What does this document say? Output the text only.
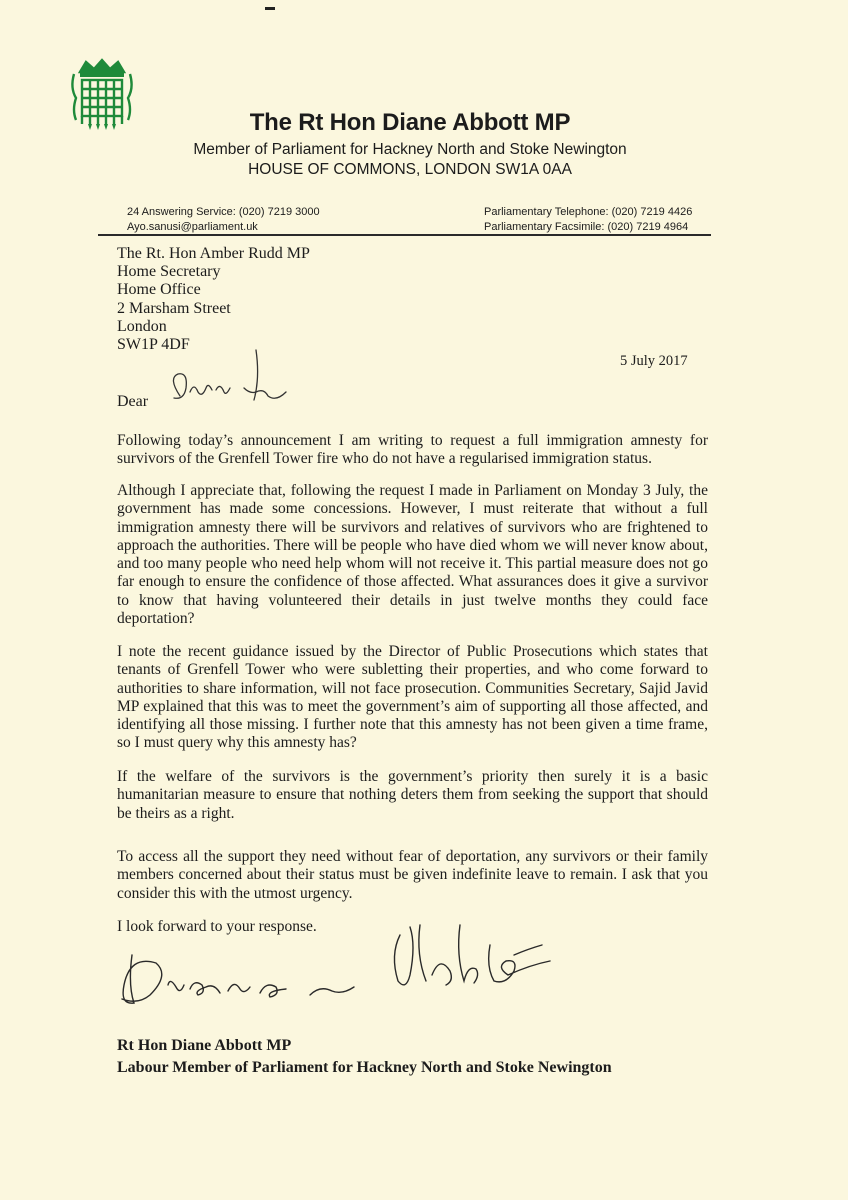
The Rt Hon Diane Abbott MP
Member of Parliament for Hackney North and Stoke Newington
HOUSE OF COMMONS, LONDON SW1A 0AA
24 Answering Service: (020) 7219 3000
Ayo.sanusi@parliament.uk
Parliamentary Telephone: (020) 7219 4426
Parliamentary Facsimile: (020) 7219 4964
The Rt. Hon Amber Rudd MP
Home Secretary
Home Office
2 Marsham Street
London
SW1P 4DF
5 July 2017
Dear

Following today’s announcement I am writing to request a full immigration amnesty for survivors of the Grenfell Tower fire who do not have a regularised immigration status.

Although I appreciate that, following the request I made in Parliament on Monday 3 July, the government has made some concessions. However, I must reiterate that without a full immigration amnesty there will be survivors and relatives of survivors who are frightened to approach the authorities. There will be people who have died whom we will never know about, and too many people who need help whom will not receive it. This partial measure does not go far enough to ensure the confidence of those affected. What assurances does it give a survivor to know that having volunteered their details in just twelve months they could face deportation?

I note the recent guidance issued by the Director of Public Prosecutions which states that tenants of Grenfell Tower who were subletting their properties, and who come forward to authorities to share information, will not face prosecution. Communities Secretary, Sajid Javid MP explained that this was to meet the government’s aim of supporting all those affected, and identifying all those missing. I further note that this amnesty has not been given a time frame, so I must query why this amnesty has?

If the welfare of the survivors is the government’s priority then surely it is a basic humanitarian measure to ensure that nothing deters them from seeking the support that should be theirs as a right.

To access all the support they need without fear of deportation, any survivors or their family members concerned about their status must be given indefinite leave to remain. I ask that you consider this with the utmost urgency.

I look forward to your response.
Rt Hon Diane Abbott MP
Labour Member of Parliament for Hackney North and Stoke Newington
